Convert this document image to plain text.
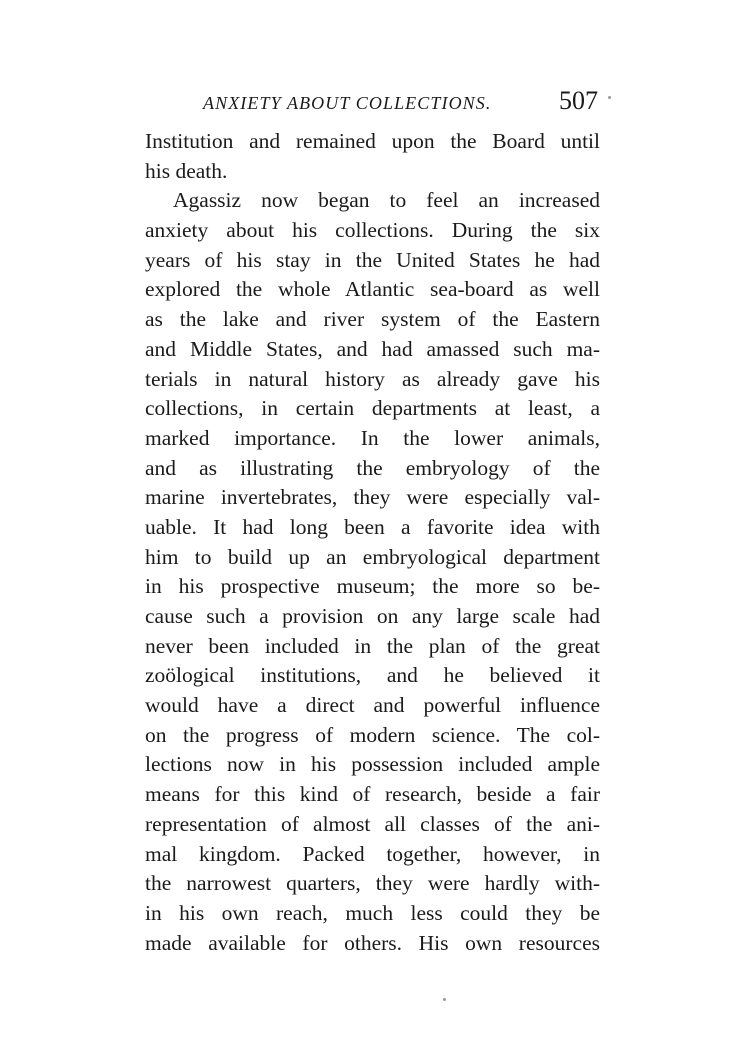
ANXIETY ABOUT COLLECTIONS.	507
Institution and remained upon the Board until
his death.
Agassiz now began to feel an increased
anxiety about his collections. During the six
years of his stay in the United States he had
explored the whole Atlantic sea-board as well
as the lake and river system of the Eastern
and Middle States, and had amassed such ma-
terials in natural history as already gave his
collections, in certain departments at least, a
marked importance. In the lower animals,
and as illustrating the embryology of the
marine invertebrates, they were especially val-
uable. It had long been a favorite idea with
him to build up an embryological department
in his prospective museum; the more so be-
cause such a provision on any large scale had
never been included in the plan of the great
zoölogical institutions, and he believed it
would have a direct and powerful influence
on the progress of modern science. The col-
lections now in his possession included ample
means for this kind of research, beside a fair
representation of almost all classes of the ani-
mal kingdom. Packed together, however, in
the narrowest quarters, they were hardly with-
in his own reach, much less could they be
made available for others. His own resources
